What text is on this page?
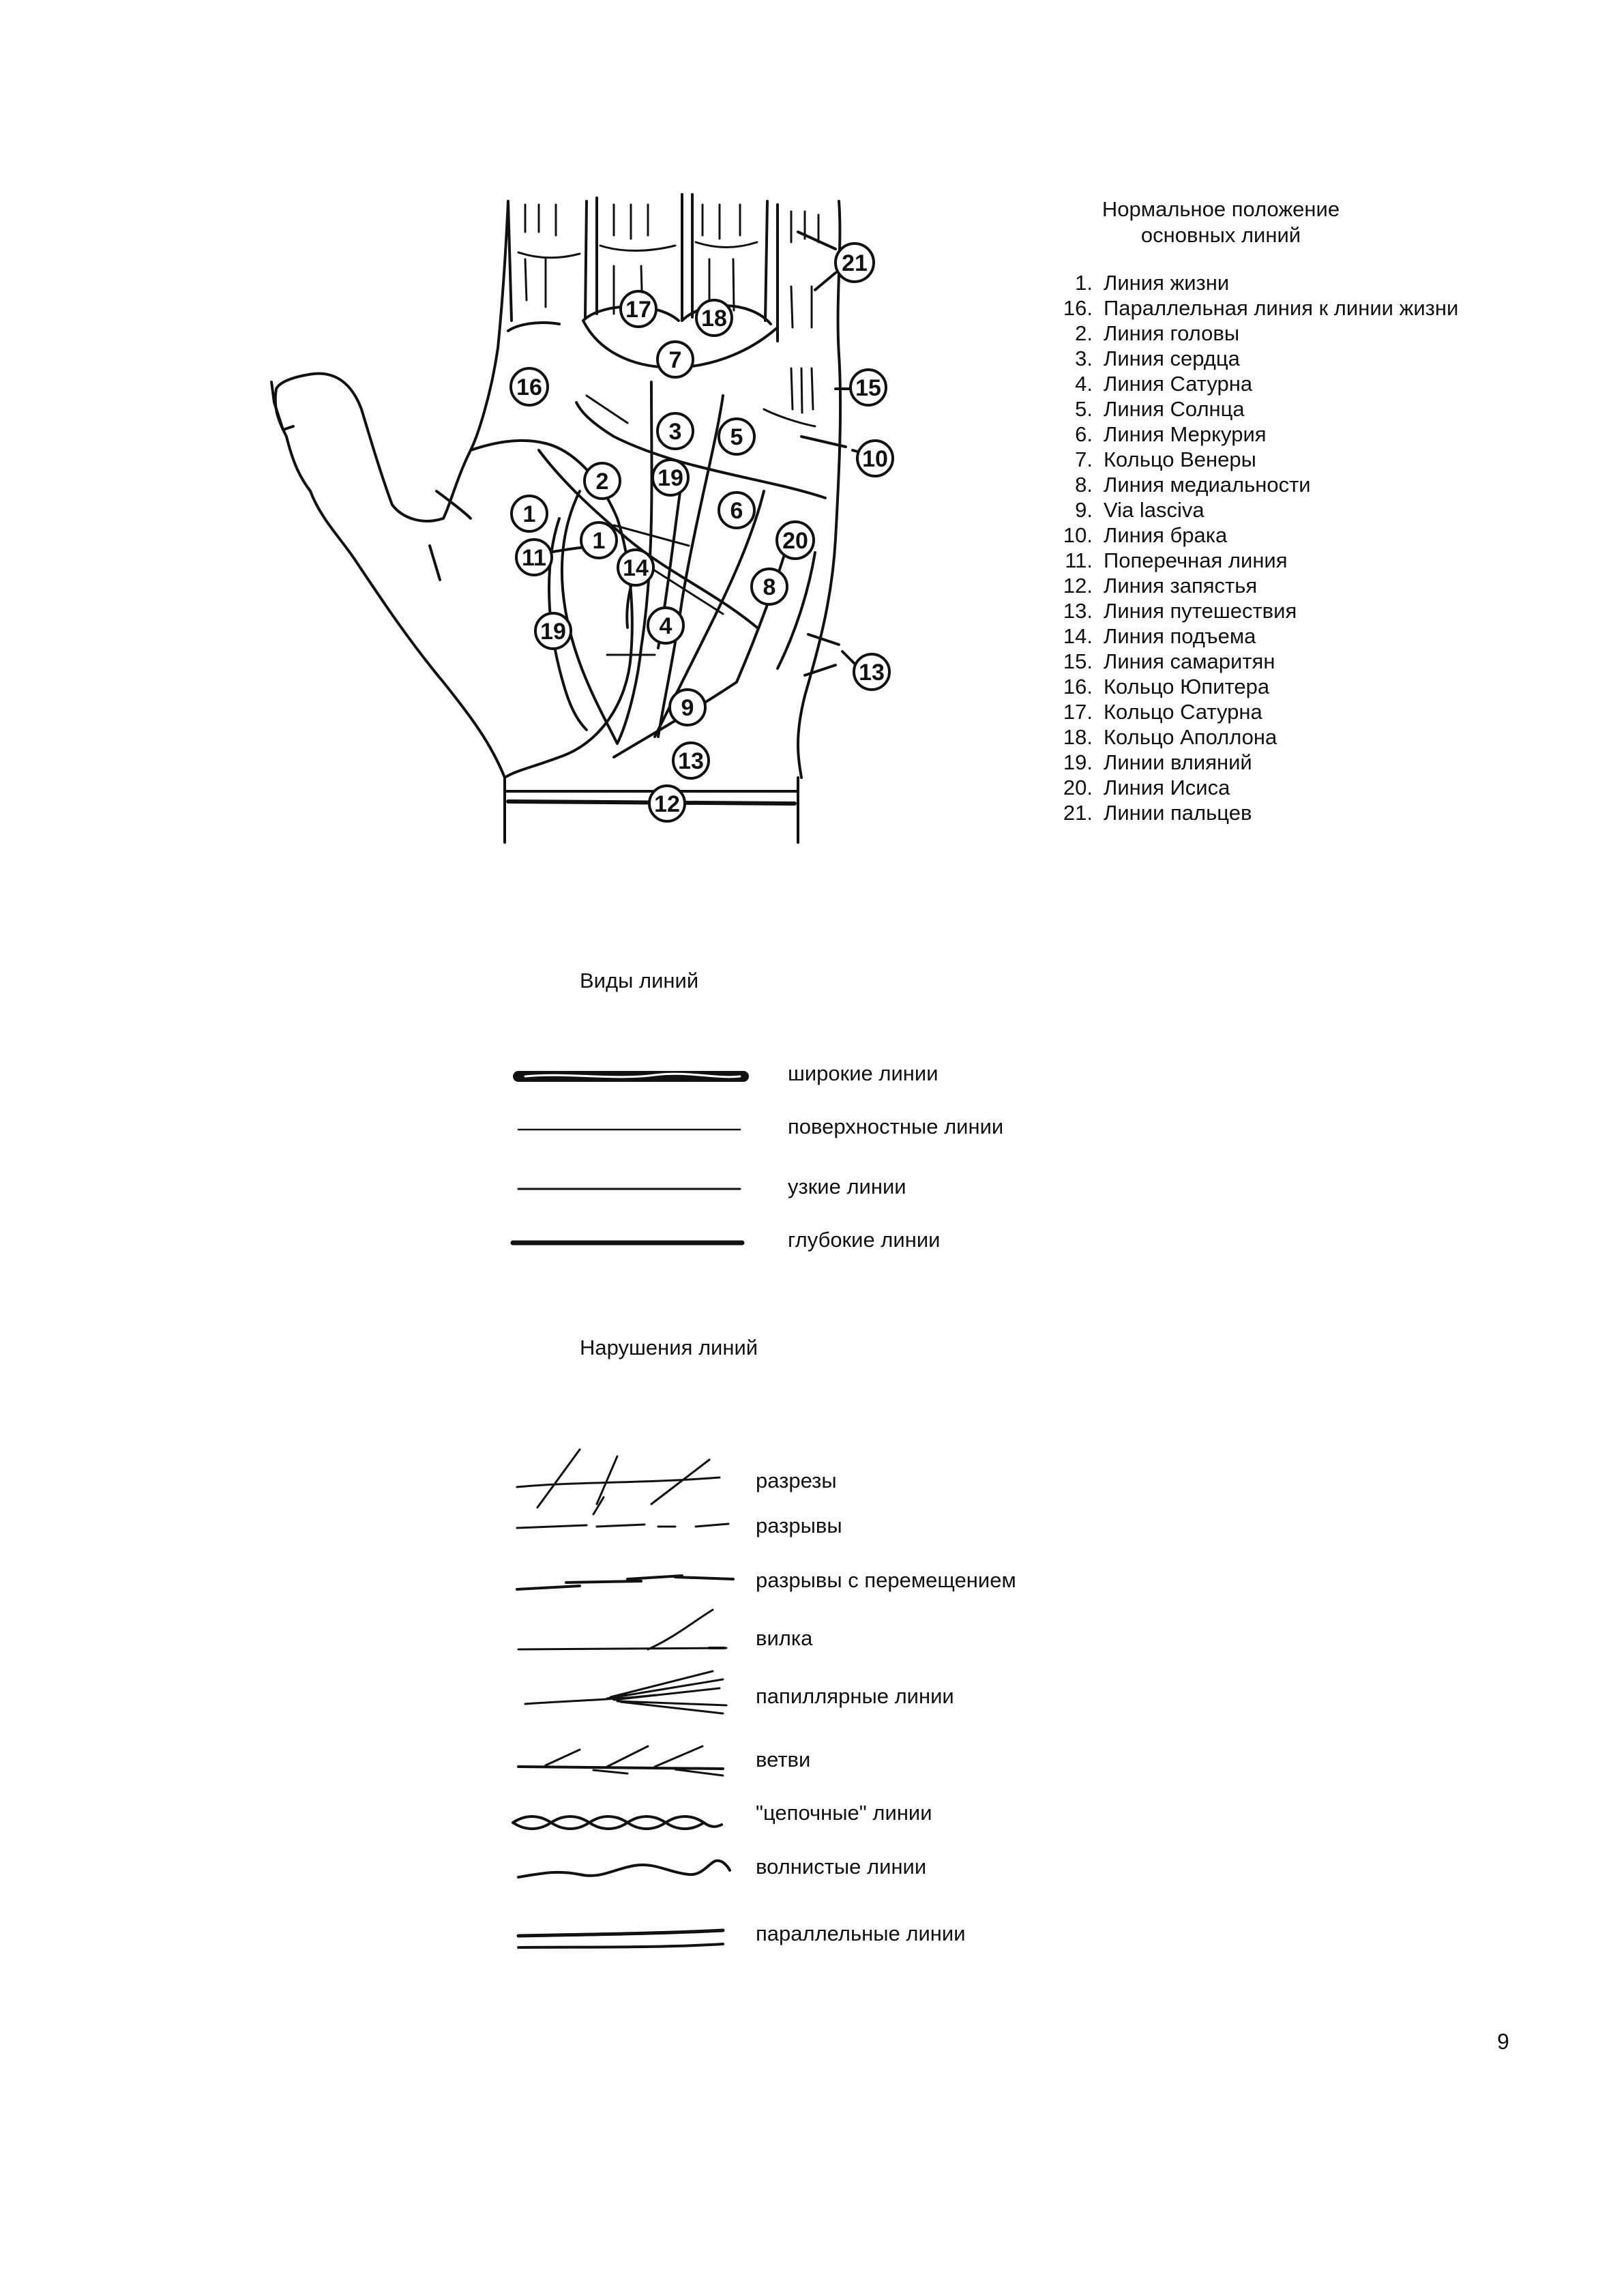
21
17 18
7
16	15
3 5
10
2 19
1	6
1	20
11	14
8
4
19
13
9
13
12
Нормальное положение
основных линий
1. Линия жизни
16. Параллельная линия к линии жизни
2. Линия головы
3. Линия сердца
4. Линия Сатурна
5. Линия Солнца
6. Линия Меркурия
7. Кольцо Венеры
8. Линия медиальности
9. Via lasciva
10. Линия брака
11. Поперечная линия
12. Линия запястья
13. Линия путешествия
14. Линия подъема
15. Линия самаритян
16. Кольцо Юпитера
17. Кольцо Сатурна
18. Кольцо Аполлона
19. Линии влияний
20. Линия Исиса
21. Линии пальцев
Виды линий
широкие линии
поверхностные линии
узкие линии
глубокие линии
Нарушения линий
разрезы
разрывы
разрывы с перемещением
вилка
папиллярные линии
ветви
"цепочные" линии
волнистые линии
параллельные линии
9
